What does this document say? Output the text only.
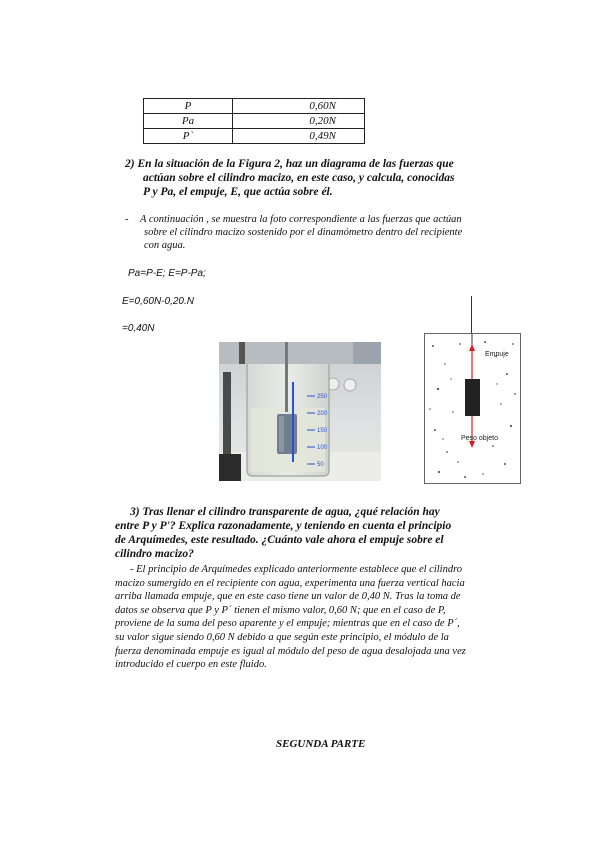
P	0,60N
Pa	0,20N
P`	0,49N
2) En la situación de la Figura 2, haz un diagrama de las fuerzas que
actúan sobre el cilindro macizo, en este caso, y calcula, conocidas
P y Pa, el empuje, E, que actúa sobre él.
-	A continuación , se muestra la foto correspondiente a las fuerzas que actúan
sobre el cilindro macizo sostenido por el dinamómetro dentro del recipiente
con agua.
Pa=P-E; E=P-Pa;
E=0,60N-0,20.N
=0,40N
250
200
150
100
50
Empuje
Peso objeto
3) Tras llenar el cilindro transparente de agua, ¿qué relación hay
entre P y P'? Explica razonadamente, y teniendo en cuenta el principio
de Arquímedes, este resultado. ¿Cuánto vale ahora el empuje sobre el
cilindro macizo?
- El principio de Arquímedes explicado anteriormente establece que el cilindro
macizo sumergido en el recipiente con agua, experimenta una fuerza vertical hacia
arriba llamada empuje, que en este caso tiene un valor de 0,40 N. Tras la toma de
datos se observa que P y P´ tienen el mismo valor, 0,60 N; que en el caso de P,
proviene de la suma del peso aparente y el empuje; mientras que en el caso de P´,
su valor sigue siendo 0,60 N debido a que según este principio, el módulo de la
fuerza denominada empuje es igual al módulo del peso de agua desalojada una vez
introducido el cuerpo en este fluido.
SEGUNDA PARTE
